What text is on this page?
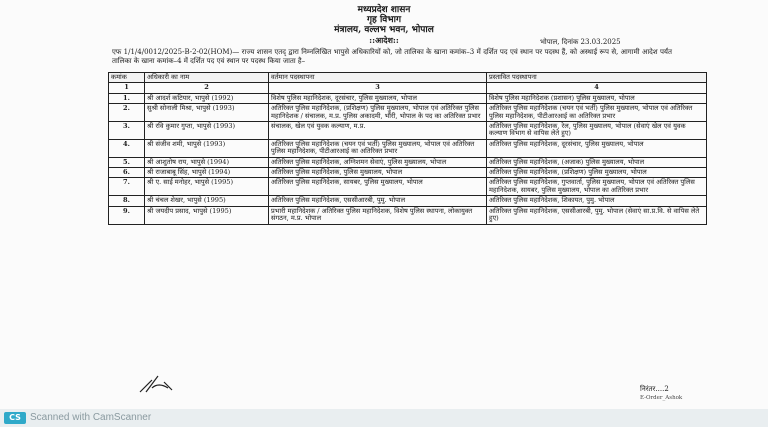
मध्यप्रदेश शासन
गृह विभाग
मंत्रालय, वल्लभ भवन, भोपाल
::आदेश::	भोपाल, दिनांक 23.03.2025
एफ 1/1/4/0012/2025-B-2-02(HOM)— राज्य शासन एतद् द्वारा निम्नलिखित भापुसे अधिकारियों को, जो तालिका के खाना कमांक–3 में दर्शित पद एवं स्थान पर पदस्थ हैं, को अस्थाई रूप से, आगामी आदेश पर्यंत तालिका के खाना कमांक–4 में दर्शित पद एवं स्थान पर पदस्थ किया जाता है–
कमांक	अधिकारी का नाम	वर्तमान पदस्थापना	प्रस्तावित पदस्थापना
1	2	3	4
1.	श्री आदर्श कटियार, भापुसे (1992)	विशेष पुलिस महानिदेशक, दूरसंचार, पुलिस मुख्यालय, भोपाल	विशेष पुलिस महानिदेशक (प्रशासन) पुलिस मुख्यालय, भोपाल
2.	सुश्री सोनाली मिश्रा, भापुसे (1993)	अतिरिक्त पुलिस महानिदेशक, (प्रशिक्षण) पुलिस मुख्यालय, भोपाल एवं अतिरिक्त पुलिस महानिदेशक / संचालक, म.प्र. पुलिस अकादमी, भौंरी, भोपाल के पद का अतिरिक्त प्रभार	अतिरिक्त पुलिस महानिदेशक (चयन एवं भर्ती) पुलिस मुख्यालय, भोपाल एवं अतिरिक्त पुलिस महानिदेशक, पीटीआरआई का अतिरिक्त प्रभार
3.	श्री रवि कुमार गुप्ता, भापुसे (1993)	संचालक, खेल एवं युवक कल्याण, म.प्र.	अतिरिक्त पुलिस महानिदेशक, रेल, पुलिस मुख्यालय, भोपाल (सेवाएं खेल एवं युवक कल्याण विभाग से वापिस लेते हुए)
4.	श्री संजीव शमी, भापुसे (1993)	अतिरिक्त पुलिस महानिदेशक (चयन एवं भर्ती) पुलिस मुख्यालय, भोपाल एवं अतिरिक्त पुलिस महानिदेशक, पीटीआरआई का अतिरिक्त प्रभार	अतिरिक्त पुलिस महानिदेशक, दूरसंचार, पुलिस मुख्यालय, भोपाल
5.	श्री आशुतोष राय, भापुसे (1994)	अतिरिक्त पुलिस महानिदेशक, अग्निशमन सेवाएं, पुलिस मुख्यालय, भोपाल	अतिरिक्त पुलिस महानिदेशक, (अजाक) पुलिस मुख्यालय, भोपाल
6.	श्री राजाबाबू सिंह, भापुसे (1994)	अतिरिक्त पुलिस महानिदेशक, पुलिस मुख्यालय, भोपाल	अतिरिक्त पुलिस महानिदेशक, (प्रशिक्षण) पुलिस मुख्यालय, भोपाल
7.	श्री ए. साई मनोहर, भापुसे (1995)	अतिरिक्त पुलिस महानिदेशक, सायबर, पुलिस मुख्यालय, भोपाल	अतिरिक्त पुलिस महानिदेशक, गुप्तवार्ता, पुलिस मुख्यालय, भोपाल एवं अतिरिक्त पुलिस महानिदेशक, सायबर, पुलिस मुख्यालय, भोपाल का अतिरिक्त प्रभार
8.	श्री चंचल शेखर, भापुसे (1995)	अतिरिक्त पुलिस महानिदेशक, एससीआरबी, पुमु. भोपाल	अतिरिक्त पुलिस महानिदेशक, शिकायत, पुमु. भोपाल
9.	श्री जयदीप प्रसाद, भापुसे (1995)	प्रभारी महानिदेशक / अतिरिक्त पुलिस महानिदेशक, विशेष पुलिस स्थापना, लोकायुक्त संगठन, म.प्र. भोपाल	अतिरिक्त पुलिस महानिदेशक, एससीआरबी, पुमु. भोपाल (सेवाएं सा.प्र.वि. से वापिस लेते हुए)
निरंतर....2
E-Order_Ashok
CS Scanned with CamScanner
